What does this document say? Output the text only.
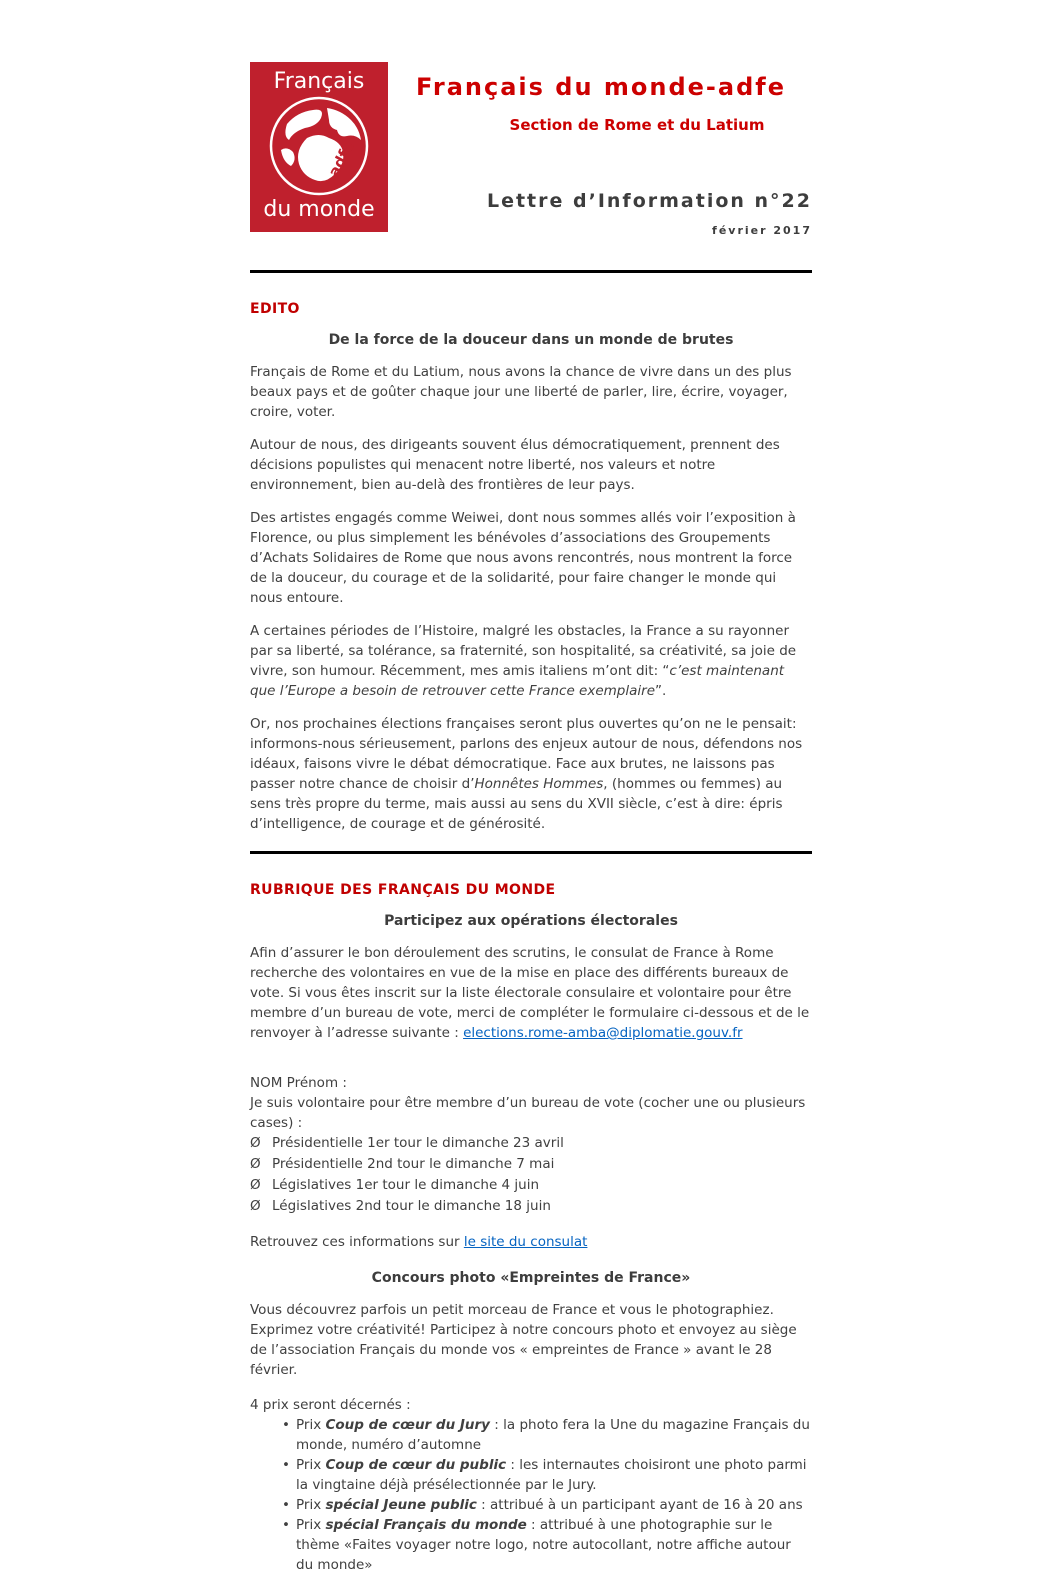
Français
adfe
du monde
Français du monde-adfe
Section de Rome et du Latium
Lettre d’Information n°22
février 2017
EDITO
De la force de la douceur dans un monde de brutes

Français de Rome et du Latium, nous avons la chance de vivre dans un des plus beaux pays et de goûter chaque jour une liberté de parler, lire, écrire, voyager, croire, voter.

Autour de nous, des dirigeants souvent élus démocratiquement, prennent des décisions populistes qui menacent notre liberté, nos valeurs et notre environnement, bien au-delà des frontières de leur pays.

Des artistes engagés comme Weiwei, dont nous sommes allés voir l’exposition à Florence, ou plus simplement les bénévoles d’associations des Groupements d’Achats Solidaires de Rome que nous avons rencontrés, nous montrent la force de la douceur, du courage et de la solidarité, pour faire changer le monde qui nous entoure.

A certaines périodes de l’Histoire, malgré les obstacles, la France a su rayonner par sa liberté, sa tolérance, sa fraternité, son hospitalité, sa créativité, sa joie de vivre, son humour. Récemment, mes amis italiens m’ont dit: “c’est maintenant que l’Europe a besoin de retrouver cette France exemplaire”.

Or, nos prochaines élections françaises seront plus ouvertes qu’on ne le pensait: informons-nous sérieusement, parlons des enjeux autour de nous, défendons nos idéaux, faisons vivre le débat démocratique. Face aux brutes, ne laissons pas passer notre chance de choisir d’Honnêtes Hommes, (hommes ou femmes) au sens très propre du terme, mais aussi au sens du XVII siècle, c’est à dire: épris d’intelligence, de courage et de générosité.

RUBRIQUE DES FRANÇAIS DU MONDE
Participez aux opérations électorales

Afin d’assurer le bon déroulement des scrutins, le consulat de France à Rome recherche des volontaires en vue de la mise en place des différents bureaux de vote. Si vous êtes inscrit sur la liste électorale consulaire et volontaire pour être membre d’un bureau de vote, merci de compléter le formulaire ci-dessous et de le renvoyer à l’adresse suivante : elections.rome-amba@diplomatie.gouv.fr

NOM Prénom :
Je suis volontaire pour être membre d’un bureau de vote (cocher une ou plusieurs cases) :
Ø Présidentielle 1er tour le dimanche 23 avril
Ø Présidentielle 2nd tour le dimanche 7 mai
Ø Législatives 1er tour le dimanche 4 juin
Ø Législatives 2nd tour le dimanche 18 juin

Retrouvez ces informations sur le site du consulat

Concours photo «Empreintes de France»

Vous découvrez parfois un petit morceau de France et vous le photographiez. Exprimez votre créativité! Participez à notre concours photo et envoyez au siège de l’association Français du monde vos « empreintes de France » avant le 28 février.

4 prix seront décernés :

• Prix Coup de cœur du Jury : la photo fera la Une du magazine Français du monde, numéro d’automne
• Prix Coup de cœur du public : les internautes choisiront une photo parmi la vingtaine déjà présélectionnée par le Jury.
• Prix spécial Jeune public : attribué à un participant ayant de 16 à 20 ans
• Prix spécial Français du monde : attribué à une photographie sur le thème «Faites voyager notre logo, notre autocollant, notre affiche autour du monde»
